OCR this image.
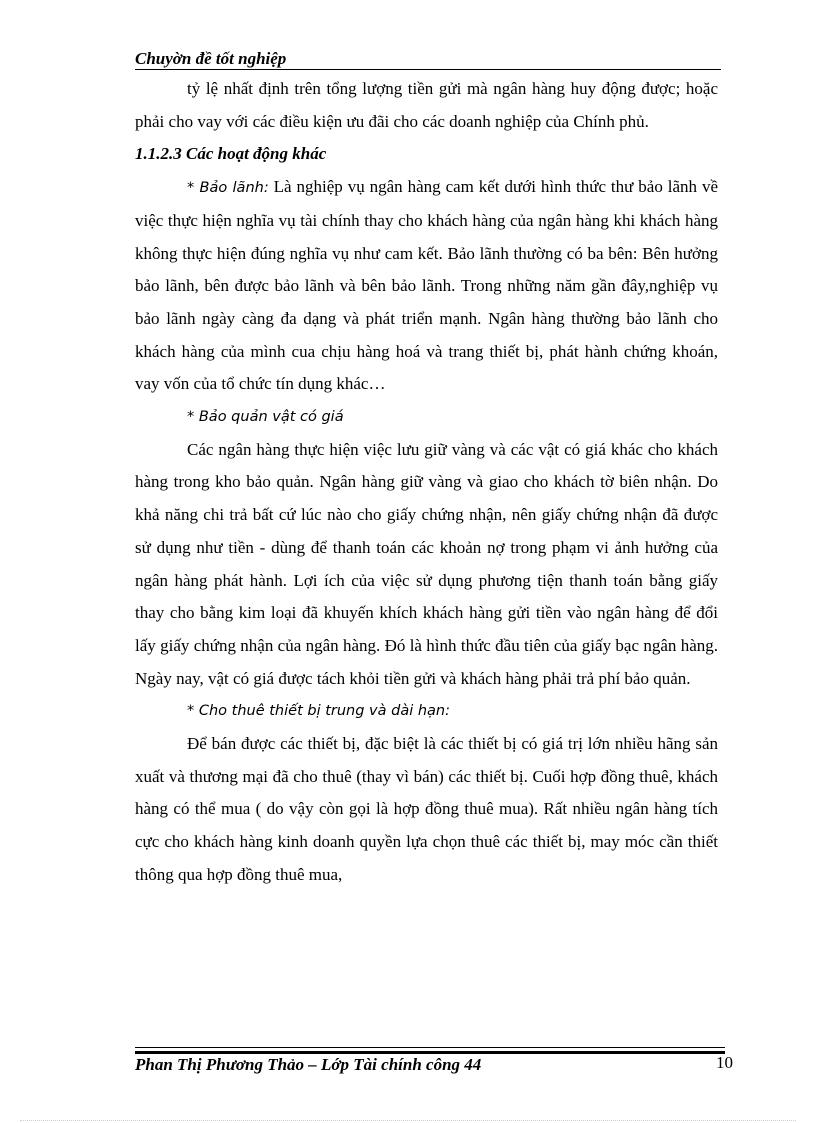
Chuyờn đề tốt nghiệp

tỷ lệ nhất định trên tổng lượng tiền gửi mà ngân hàng huy động được; hoặc phải cho vay với các điều kiện ưu đãi cho các doanh nghiệp của Chính phủ.

1.1.2.3 Các hoạt động khác

* Bảo lãnh: Là nghiệp vụ ngân hàng cam kết dưới hình thức thư bảo lãnh về việc thực hiện nghĩa vụ tài chính thay cho khách hàng của ngân hàng khi khách hàng không thực hiện đúng nghĩa vụ như cam kết. Bảo lãnh thường có ba bên: Bên hưởng bảo lãnh, bên được bảo lãnh và bên bảo lãnh. Trong những năm gần đây,nghiệp vụ bảo lãnh ngày càng đa dạng và phát triển mạnh. Ngân hàng thường bảo lãnh cho khách hàng của mình cua chịu hàng hoá và trang thiết bị, phát hành chứng khoán, vay vốn của tổ chức tín dụng khác…

* Bảo quản vật có giá

Các ngân hàng thực hiện việc lưu giữ vàng và các vật có giá khác cho khách hàng trong kho bảo quản. Ngân hàng giữ vàng và giao cho khách tờ biên nhận. Do khả năng chi trả bất cứ lúc nào cho giấy chứng nhận, nên giấy chứng nhận đã được sử dụng như tiền - dùng để thanh toán các khoản nợ trong phạm vi ảnh hưởng của ngân hàng phát hành. Lợi ích của việc sử dụng phương tiện thanh toán bằng giấy thay cho bằng kim loại đã khuyến khích khách hàng gửi tiền vào ngân hàng để đổi lấy giấy chứng nhận của ngân hàng. Đó là hình thức đầu tiên của giấy bạc ngân hàng. Ngày nay, vật có giá được tách khỏi tiền gửi và khách hàng phải trả phí bảo quản.

* Cho thuê thiết bị trung và dài hạn:

Để bán được các thiết bị, đặc biệt là các thiết bị có giá trị lớn nhiều hãng sản xuất và thương mại đã cho thuê (thay vì bán) các thiết bị. Cuối hợp đồng thuê, khách hàng có thể mua ( do vậy còn gọi là hợp đồng thuê mua). Rất nhiều ngân hàng tích cực cho khách hàng kinh doanh quyền lựa chọn thuê các thiết bị, may móc cần thiết thông qua hợp đồng thuê mua,

Phan Thị Phương Thảo – Lớp Tài chính công 44	10
